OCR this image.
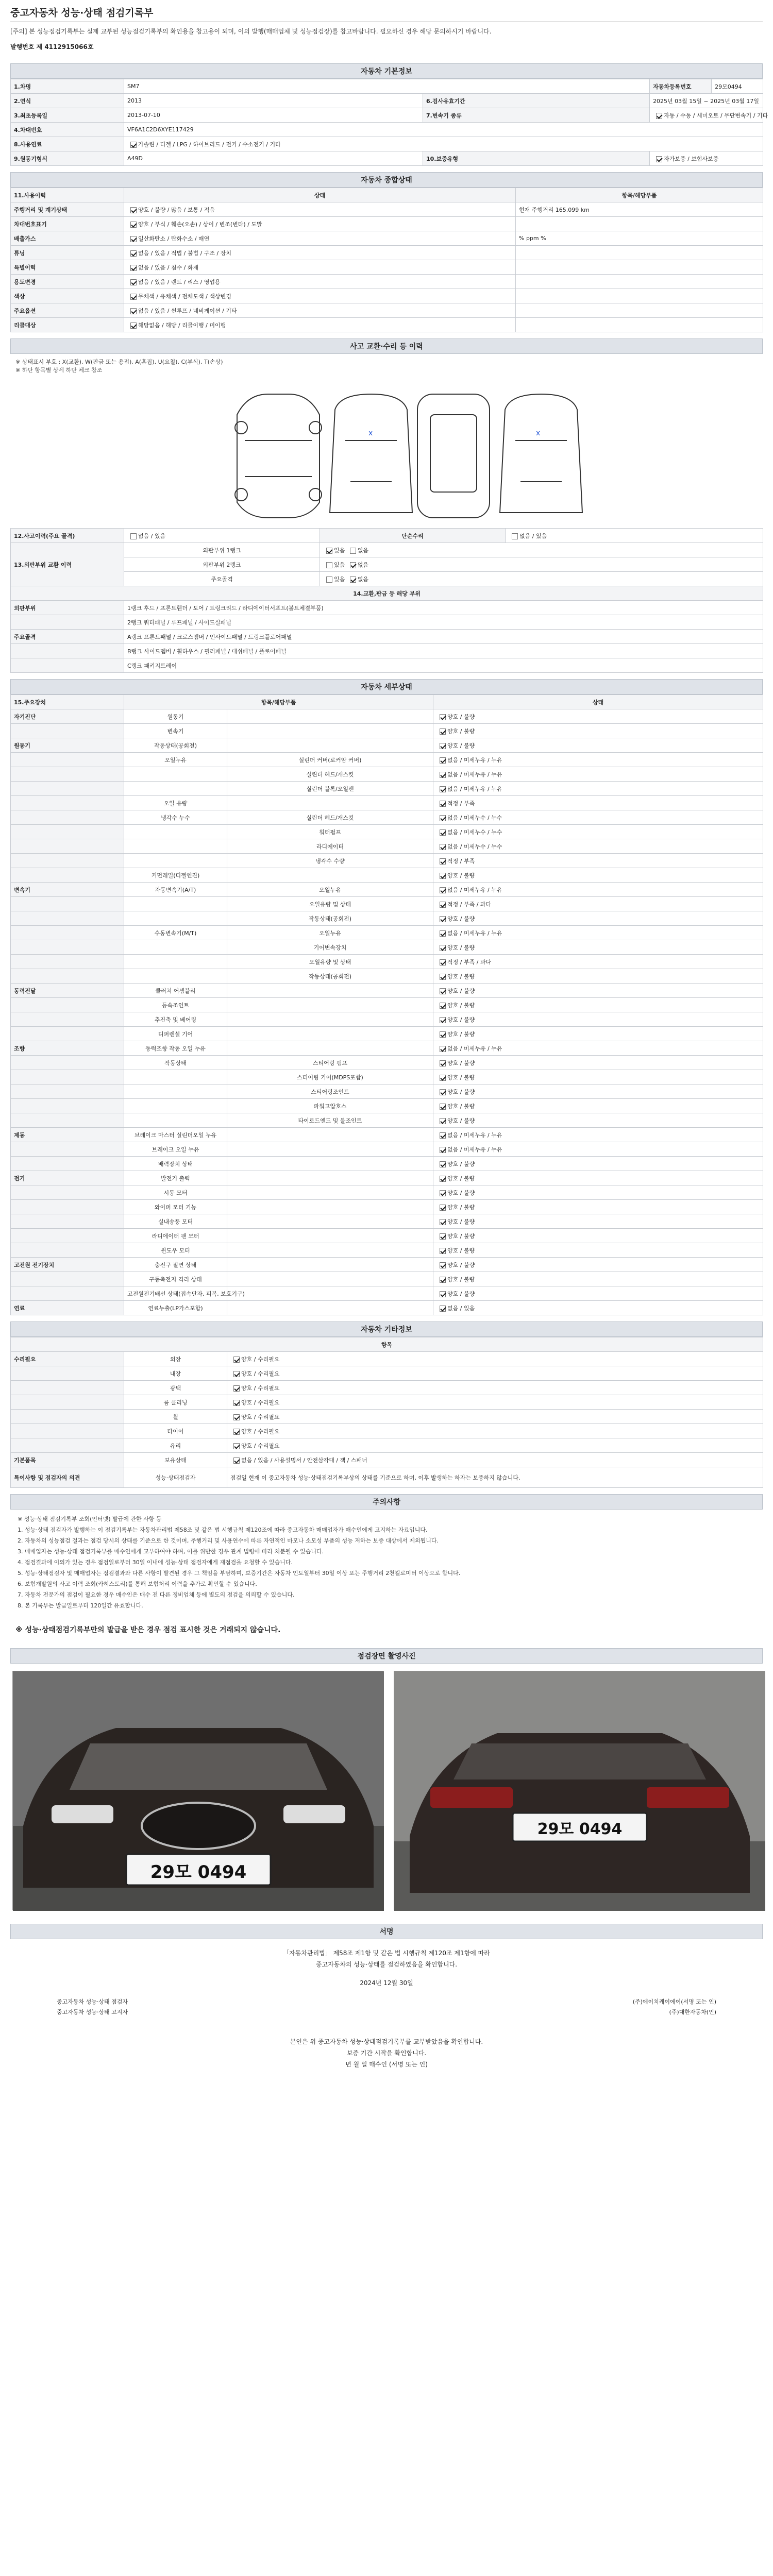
중고자동차 성능·상태 점검기록부
[주의] 본 성능점검기록부는 실제 교부된 성능점검기록부의 확인용을 참고용이 되며, 이의 발행(매매업체 및 성능점검장)를 참고바랍니다. 필요하신 경우 해당 문의하시기 바랍니다.
발행번호 제 4112915066호
자동차 기본정보
1.차명	SM7		자동차등록번호	29모0494
2.연식	2013	6.검사유효기간	2025년 03월 15일 ~ 2025년 03월 17일	
3.최초등록일	2013-07-10	7.변속기 종류	자동 / 수동 / 세미오토 / 무단변속기 / 기타	
4.차대번호	VF6A1C2D6XYE117429			
8.사용연료	가솔린 / 디젤 / LPG / 하이브리드 / 전기 / 수소전기 / 기타			
9.원동기형식	A49D	10.보증유형	자가보증 / 보험사보증	
자동차 종합상태
11.사용이력	상태	항목/해당부품
주행거리 및 계기상태	양호 / 불량 / 많음 / 보통 / 적음	현재 주행거리 165,099 km
차대번호표기	양호 / 부식 / 훼손(오손) / 상이 / 변조(변타) / 도말	
배출가스	일산화탄소 / 탄화수소 / 매연	% ppm %
튜닝	없음 / 있음 / 적법 / 불법 / 구조 / 장치	
특별이력	없음 / 있음 / 침수 / 화재	
용도변경	없음 / 있음 / 렌트 / 리스 / 영업용	
색상	무채색 / 유채색 / 전체도색 / 색상변경	
주요옵션	없음 / 있음 / 썬루프 / 네비게이션 / 기타	
리콜대상	해당없음 / 해당 / 리콜이행 / 미이행	
사고 교환·수리 등 이력
※ 상태표시 부호 : X(교환), W(판금 또는 용접), A(흠집), U(요철), C(부식), T(손상)
※ 하단 항목별 상세 하단 체크 참조
x	x
12.사고이력(주요 골격)	없음 / 있음	단순수리	없음 / 있음
13.외판부위 교환 이력	외판부위 1랭크	있음 없음	
	외판부위 2랭크	있음 없음	
	주요골격	있음 없음	
14.교환,판금 등 해당 부위			
외판부위	1랭크 후드 / 프론트휀더 / 도어 / 트렁크리드 / 라디에이터서포트(볼트체결부품)		
	2랭크 쿼터패널 / 루프패널 / 사이드실패널		
주요골격	A랭크 프론트패널 / 크로스멤버 / 인사이드패널 / 트렁크플로어패널		
	B랭크 사이드멤버 / 휠하우스 / 필러패널 / 대쉬패널 / 플로어패널		
	C랭크 패키지트레이		
자동차 세부상태
15.주요장치	항목/해당부품		상태
자기진단	원동기		양호 / 불량
	변속기		양호 / 불량
원동기	작동상태(공회전)		양호 / 불량
	오일누유	실린더 커버(로커암 커버)	없음 / 미세누유 / 누유
		실린더 헤드/개스킷	없음 / 미세누유 / 누유
		실린더 블록/오일팬	없음 / 미세누유 / 누유
	오일 유량		적정 / 부족
	냉각수 누수	실린더 헤드/개스킷	없음 / 미세누수 / 누수
		워터펌프	없음 / 미세누수 / 누수
		라디에이터	없음 / 미세누수 / 누수
		냉각수 수량	적정 / 부족
	커먼레일(디젤엔진)		양호 / 불량
변속기	자동변속기(A/T)	오일누유	없음 / 미세누유 / 누유
		오일유량 및 상태	적정 / 부족 / 과다
		작동상태(공회전)	양호 / 불량
	수동변속기(M/T)	오일누유	없음 / 미세누유 / 누유
		기어변속장치	양호 / 불량
		오일유량 및 상태	적정 / 부족 / 과다
		작동상태(공회전)	양호 / 불량
동력전달	클러치 어셈블리		양호 / 불량
	등속조인트		양호 / 불량
	추진축 및 베어링		양호 / 불량
	디퍼렌셜 기어		양호 / 불량
조향	동력조향 작동 오일 누유		없음 / 미세누유 / 누유
	작동상태	스티어링 펌프	양호 / 불량
		스티어링 기어(MDPS포함)	양호 / 불량
		스티어링조인트	양호 / 불량
		파워고압호스	양호 / 불량
		타이로드엔드 및 볼조인트	양호 / 불량
제동	브레이크 마스터 실린더오일 누유		없음 / 미세누유 / 누유
	브레이크 오일 누유		없음 / 미세누유 / 누유
	배력장치 상태		양호 / 불량
전기	발전기 출력		양호 / 불량
	시동 모터		양호 / 불량
	와이퍼 모터 기능		양호 / 불량
	실내송풍 모터		양호 / 불량
	라디에이터 팬 모터		양호 / 불량
	윈도우 모터		양호 / 불량
고전원 전기장치	충전구 절연 상태		양호 / 불량
	구동축전지 격리 상태		양호 / 불량
	고전원전기배선 상태(접속단자, 피복, 보호기구)		양호 / 불량
연료	연료누출(LP가스포함)		없음 / 있음
자동차 기타정보
항목		
수리필요	외장	양호 / 수리필요
	내장	양호 / 수리필요
	광택	양호 / 수리필요
	룸 클리닝	양호 / 수리필요
	휠	양호 / 수리필요
	타이어	양호 / 수리필요
	유리	양호 / 수리필요
기본품목	보유상태	없음 / 있음 / 사용설명서 / 안전삼각대 / 잭 / 스패너
특이사항 및 점검자의 의견	성능·상태점검자	점검일 현재 이 중고자동차 성능·상태점검기록부상의 상태를 기준으로 하며, 이후 발생하는 하자는 보증하지 않습니다.
주의사항

※ 성능·상태 점검기록부 조회(인터넷) 발급에 관한 사항 등

1. 성능·상태 점검자가 발행하는 이 점검기록부는 자동차관리법 제58조 및 같은 법 시행규칙 제120조에 따라 중고자동차 매매업자가 매수인에게 고지하는 자료입니다.

2. 자동차의 성능점검 결과는 점검 당시의 상태를 기준으로 한 것이며, 주행거리 및 사용연수에 따른 자연적인 마모나 소모성 부품의 성능 저하는 보증 대상에서 제외됩니다.

3. 매매업자는 성능·상태 점검기록부를 매수인에게 교부하여야 하며, 이를 위반한 경우 관계 법령에 따라 처분될 수 있습니다.

4. 점검결과에 이의가 있는 경우 점검일로부터 30일 이내에 성능·상태 점검자에게 재점검을 요청할 수 있습니다.

5. 성능·상태점검자 및 매매업자는 점검결과와 다른 사항이 발견된 경우 그 책임을 부담하며, 보증기간은 자동차 인도일부터 30일 이상 또는 주행거리 2천킬로미터 이상으로 합니다.

6. 보험개발원의 사고 이력 조회(카히스토리)를 통해 보험처리 이력을 추가로 확인할 수 있습니다.

7. 자동차 전문가의 점검이 필요한 경우 매수인은 매수 전 다른 정비업체 등에 별도의 점검을 의뢰할 수 있습니다.

8. 본 기록부는 발급일로부터 120일간 유효합니다.

※ 성능·상태점검기록부만의 발급을 받은 경우 점검 표시한 것은 거래되지 않습니다.
점검장면 촬영사진
29모 0494
29모 0494
서명
「자동차관리법」 제58조 제1항 및 같은 법 시행규칙 제120조 제1항에 따라
중고자동차의 성능·상태를 점검하였음을 확인합니다.
2024년 12월 30일
중고자동차 성능·상태 점검자
중고자동차 성능·상태 고지자
(주)에이치케이에이(서명 또는 인)
(주)대한자동차(인)
본인은 위 중고자동차 성능·상태점검기록부를 교부받았음을 확인합니다.
보증 기간 시작을 확인합니다.
년 월 일 매수인 (서명 또는 인)
